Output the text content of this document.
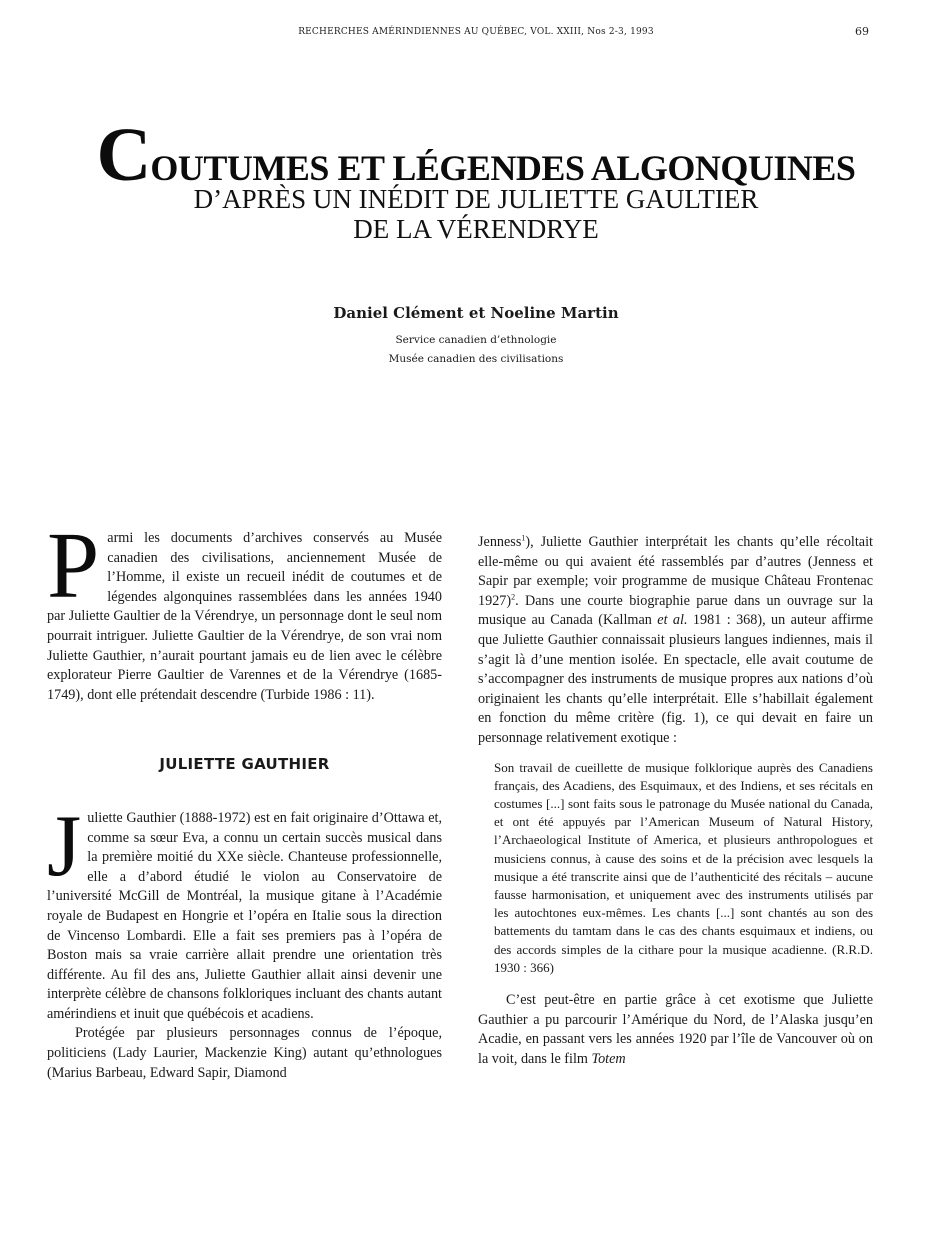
RECHERCHES AMÉRINDIENNES AU QUÉBEC, VOL. XXIII, Nos 2-3, 1993	69
COUTUMES ET LÉGENDES ALGONQUINES
D’APRÈS UN INÉDIT DE JULIETTE GAULTIER
DE LA VÉRENDRYE
Daniel Clément et Noeline Martin
Service canadien d’ethnologie
Musée canadien des civilisations

Parmi les documents d’archives conservés au Musée canadien des civilisations, anciennement Musée de l’Homme, il existe un recueil inédit de coutumes et de légendes algonquines rassemblées dans les années 1940 par Juliette Gaultier de la Vérendrye, un personnage dont le seul nom pourrait intriguer. Juliette Gaultier de la Vérendrye, de son vrai nom Juliette Gauthier, n’aurait pourtant jamais eu de lien avec le célèbre explorateur Pierre Gaultier de Varennes et de la Vérendrye (1685-1749), dont elle prétendait descendre (Turbide 1986 : 11).

JULIETTE GAUTHIER

Juliette Gauthier (1888-1972) est en fait originaire d’Ottawa et, comme sa sœur Eva, a connu un certain succès musical dans la première moitié du XXe siècle. Chanteuse professionnelle, elle a d’abord étudié le violon au Conservatoire de l’université McGill de Montréal, la musique gitane à l’Académie royale de Budapest en Hongrie et l’opéra en Italie sous la direction de Vincenso Lombardi. Elle a fait ses premiers pas à l’opéra de Boston mais sa vraie carrière allait prendre une orientation très différente. Au fil des ans, Juliette Gauthier allait ainsi devenir une interprète célèbre de chansons folkloriques incluant des chants autant amérindiens et inuit que québécois et acadiens.

Protégée par plusieurs personnages connus de l’époque, politiciens (Lady Laurier, Mackenzie King) autant qu’ethnologues (Marius Barbeau, Edward Sapir, Diamond

Jenness$^1$), Juliette Gauthier interprétait les chants qu’elle récoltait elle-même ou qui avaient été rassemblés par d’autres (Jenness et Sapir par exemple; voir programme de musique Château Frontenac 1927)$^2$. Dans une courte biographie parue dans un ouvrage sur la musique au Canada (Kallman et al. 1981 : 368), un auteur affirme que Juliette Gauthier connaissait plusieurs langues indiennes, mais il s’agit là d’une mention isolée. En spectacle, elle avait coutume de s’accompagner des instruments de musique propres aux nations d’où originaient les chants qu’elle interprétait. Elle s’habillait également en fonction du même critère (fig. 1), ce qui devait en faire un personnage relativement exotique :

Son travail de cueillette de musique folklorique auprès des Canadiens français, des Acadiens, des Esquimaux, et des Indiens, et ses récitals en costumes [...] sont faits sous le patronage du Musée national du Canada, et ont été appuyés par l’American Museum of Natural History, l’Archaeological Institute of America, et plusieurs anthropologues et musiciens connus, à cause des soins et de la précision avec lesquels la musique a été transcrite ainsi que de l’authenticité des récitals – aucune fausse harmonisation, et uniquement avec des instruments utilisés par les autochtones eux-mêmes. Les chants [...] sont chantés au son des battements du tamtam dans le cas des chants esquimaux et indiens, ou des accords simples de la cithare pour la musique acadienne. (R.R.D. 1930 : 366)

C’est peut-être en partie grâce à cet exotisme que Juliette Gauthier a pu parcourir l’Amérique du Nord, de l’Alaska jusqu’en Acadie, en passant vers les années 1920 par l’île de Vancouver où on la voit, dans le film Totem
